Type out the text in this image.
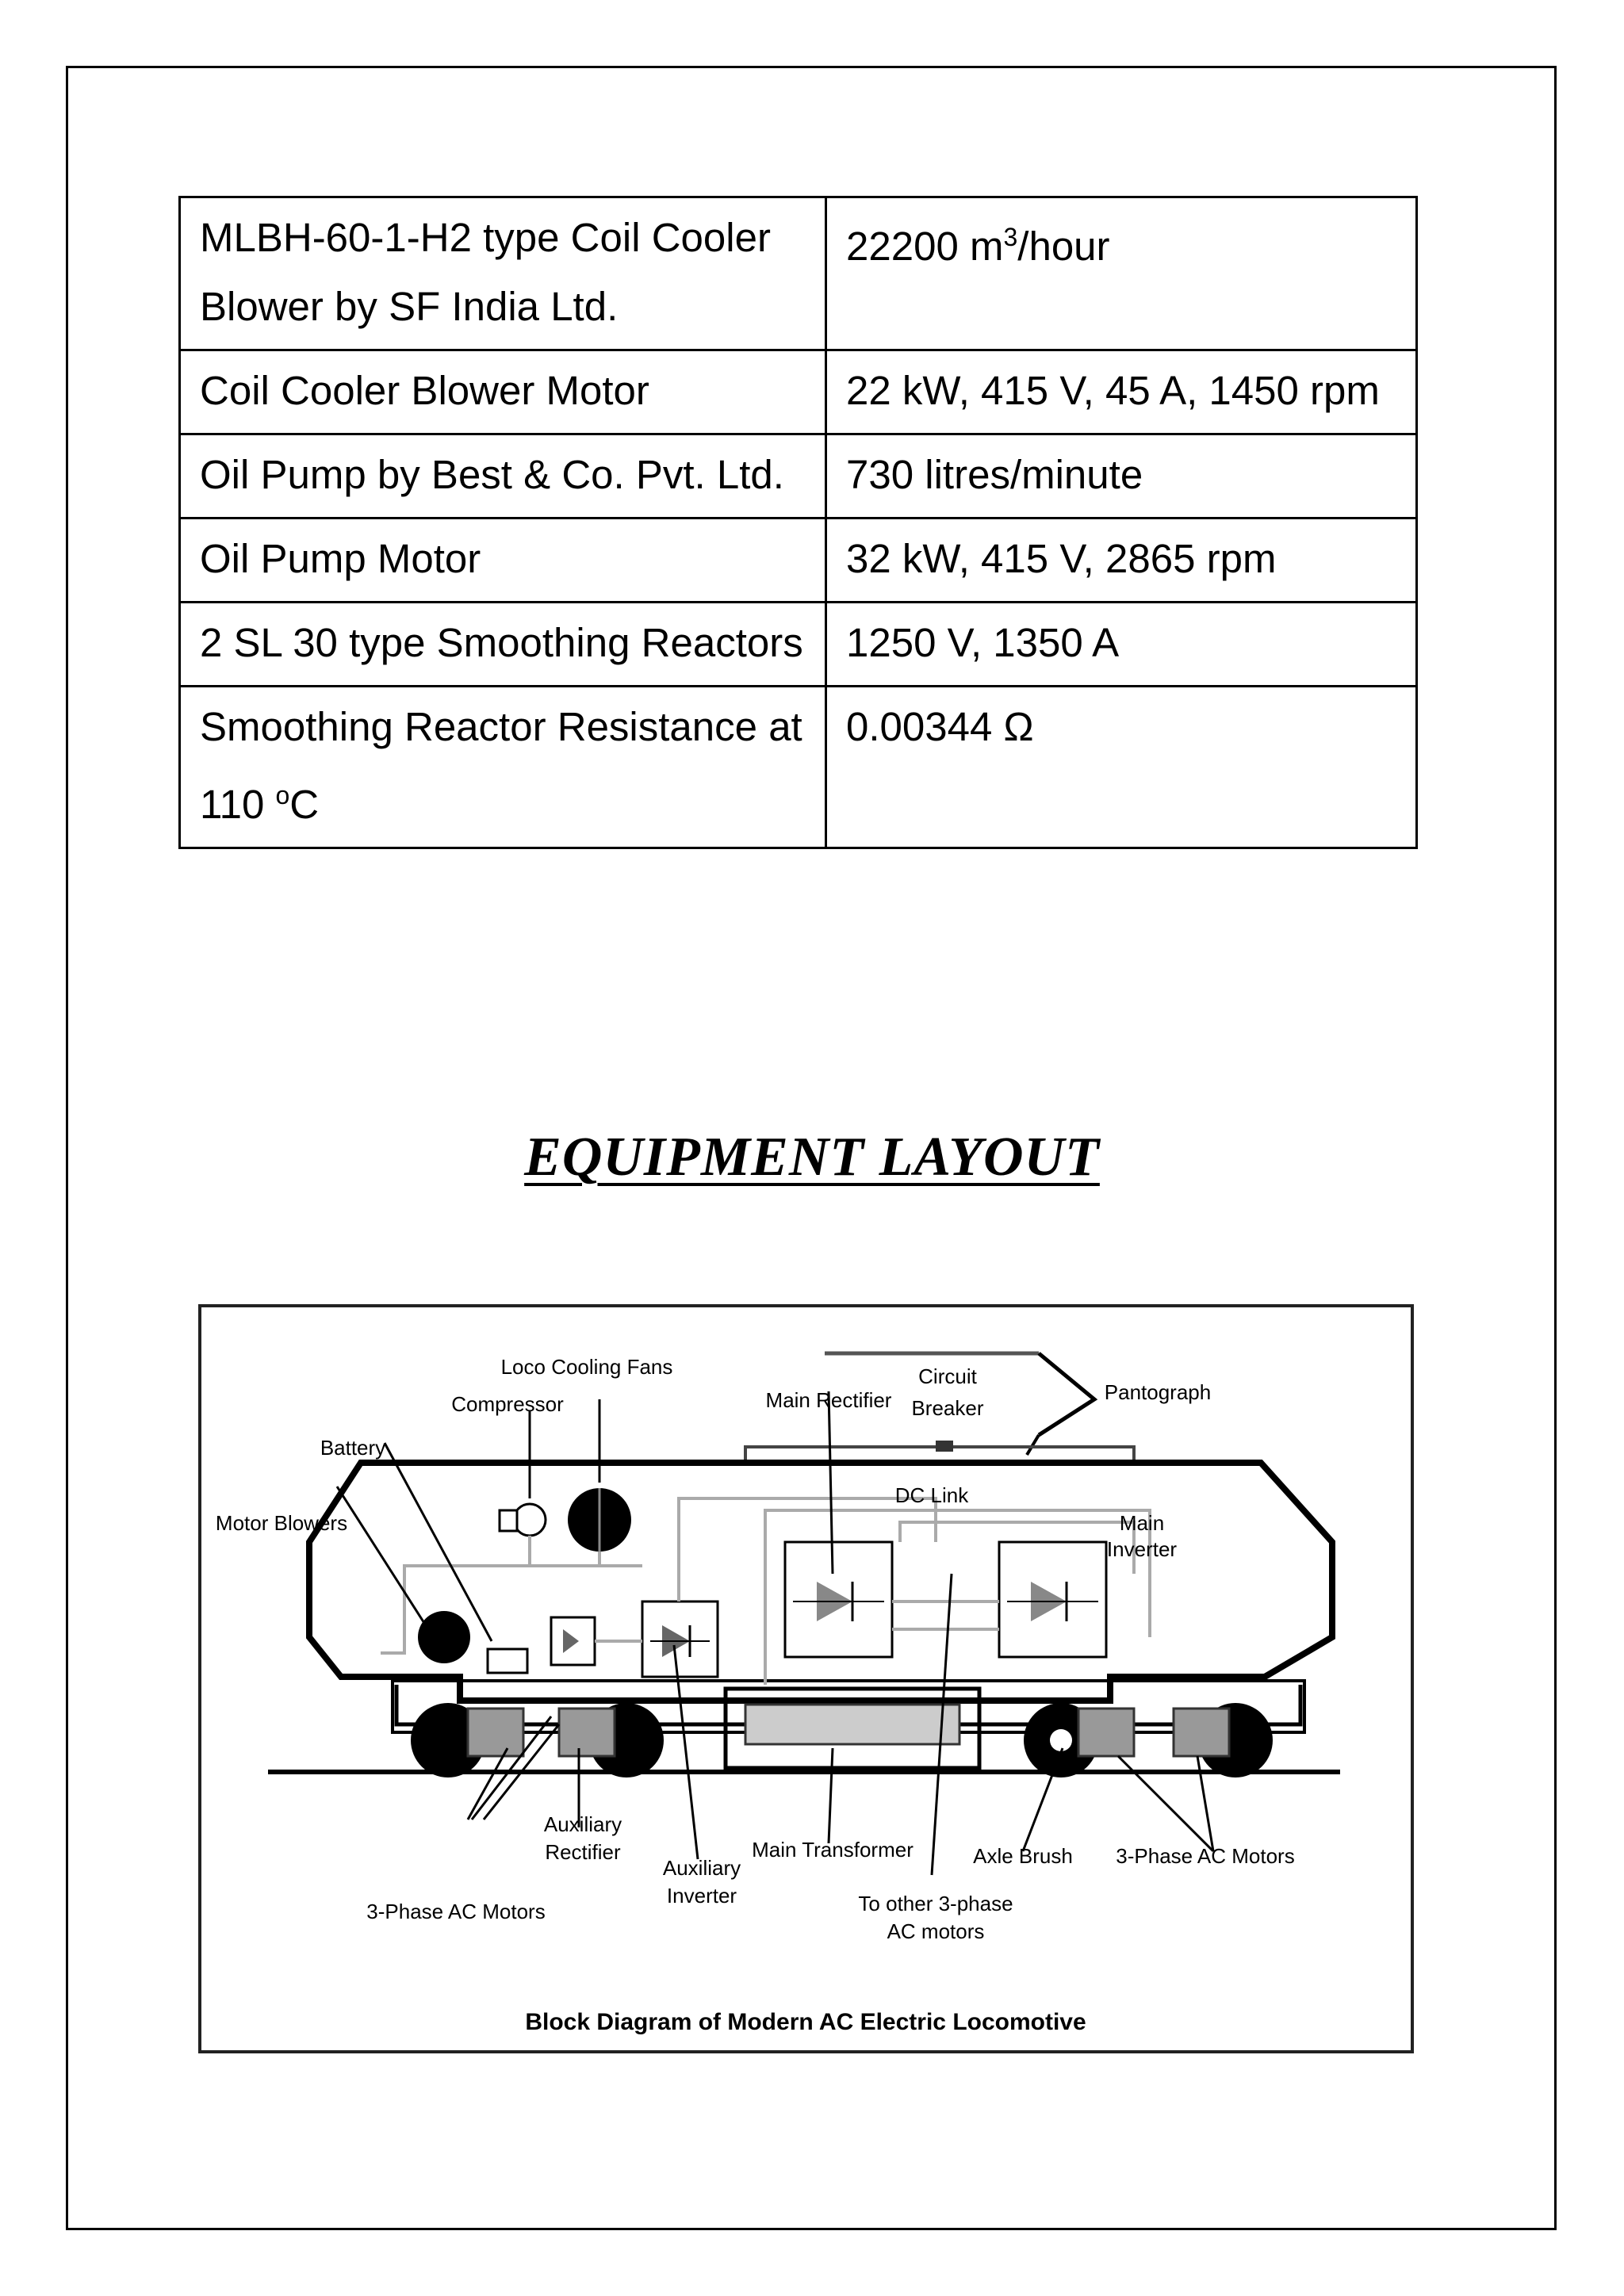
MLBH-60-1-H2 type Coil Cooler Blower by SF India Ltd.	22200 $m^3$/hour
Coil Cooler Blower Motor	22 kW, 415 V, 45 A, 1450 rpm
Oil Pump by Best & Co. Pvt. Ltd.	730 litres/minute
Oil Pump Motor	32 kW, 415 V, 2865 rpm
2 SL 30 type Smoothing Reactors	1250 V, 1350 A
Smoothing Reactor Resistance at 110 $^o$C	0.00344 Ω
EQUIPMENT LAYOUT
Loco Cooling Fans
Compressor
Battery
Motor Blowers
Main Rectifier
Circuit
Breaker
Pantograph
DC Link
Main
Inverter
Auxiliary
Rectifier
Auxiliary
Inverter
Main Transformer	Axle Brush 3-Phase AC Motors
3-Phase AC Motors	To other 3-phase
AC motors
Block Diagram of Modern AC Electric Locomotive
